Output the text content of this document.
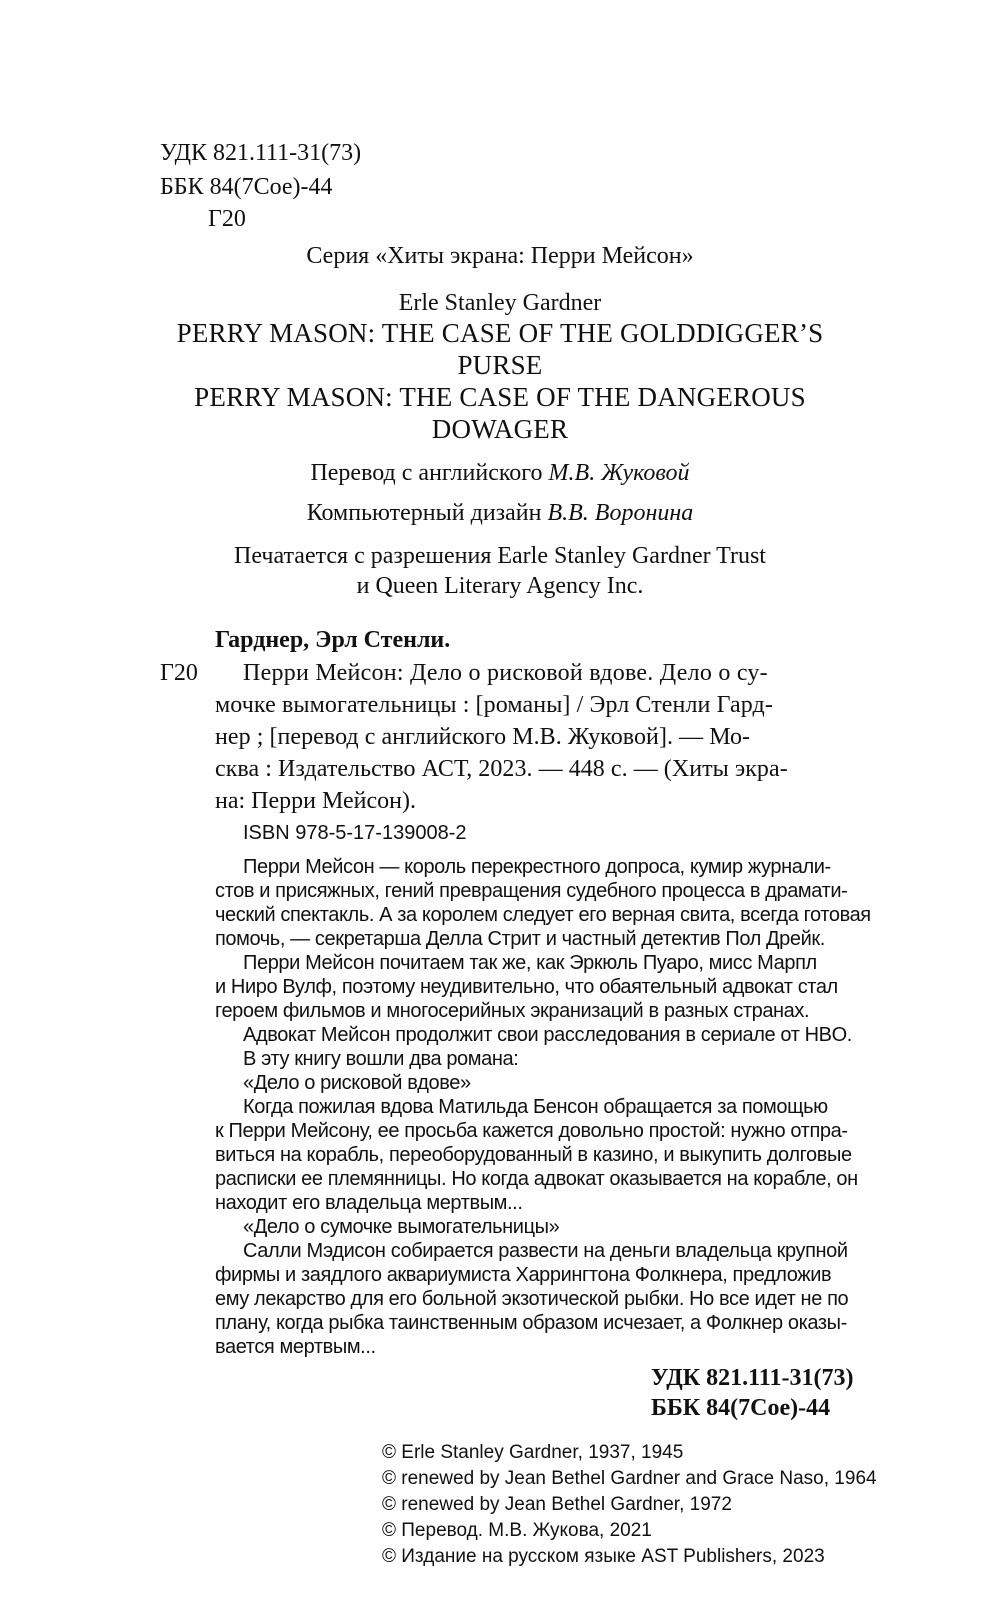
УДК 821.111-31(73)
ББК 84(7Сое)-44
Г20
Серия «Хиты экрана: Перри Мейсон»
Erle Stanley Gardner
PERRY MASON: THE CASE OF THE GOLDDIGGER’S
PURSE
PERRY MASON: THE CASE OF THE DANGEROUS
DOWAGER
Перевод с английского М.В. Жуковой
Компьютерный дизайн В.В. Воронина
Печатается с разрешения Earle Stanley Gardner Trust
и Queen Literary Agency Inc.
Гарднер, Эрл Стенли.
Г20 Перри Мейсон: Дело о рисковой вдове. Дело о су-
мочке вымогательницы : [романы] / Эрл Стенли Гард-
нер ; [перевод с английского М.В. Жуковой]. — Мо-
сква : Издательство АСТ, 2023. — 448 с. — (Хиты экра-
на: Перри Мейсон).
ISBN 978-5-17-139008-2
Перри Мейсон — король перекрестного допроса, кумир журнали-
стов и присяжных, гений превращения судебного процесса в драмати-
ческий спектакль. А за королем следует его верная свита, всегда готовая
помочь, — секретарша Делла Стрит и частный детектив Пол Дрейк.
Перри Мейсон почитаем так же, как Эркюль Пуаро, мисс Марпл
и Ниро Вулф, поэтому неудивительно, что обаятельный адвокат стал
героем фильмов и многосерийных экранизаций в разных странах.
Адвокат Мейсон продолжит свои расследования в сериале от HBO.
В эту книгу вошли два романа:
«Дело о рисковой вдове»
Когда пожилая вдова Матильда Бенсон обращается за помощью
к Перри Мейсону, ее просьба кажется довольно простой: нужно отпра-
виться на корабль, переоборудованный в казино, и выкупить долговые
расписки ее племянницы. Но когда адвокат оказывается на корабле, он
находит его владельца мертвым...
«Дело о сумочке вымогательницы»
Салли Мэдисон собирается развести на деньги владельца крупной
фирмы и заядлого аквариумиста Харрингтона Фолкнера, предложив
ему лекарство для его больной экзотической рыбки. Но все идет не по
плану, когда рыбка таинственным образом исчезает, а Фолкнер оказы-
вается мертвым...
УДК 821.111-31(73)
ББК 84(7Сое)-44
© Erle Stanley Gardner, 1937, 1945
© renewed by Jean Bethel Gardner and Grace Naso, 1964
© renewed by Jean Bethel Gardner, 1972
© Перевод. М.В. Жукова, 2021
© Издание на русском языке AST Publishers, 2023
